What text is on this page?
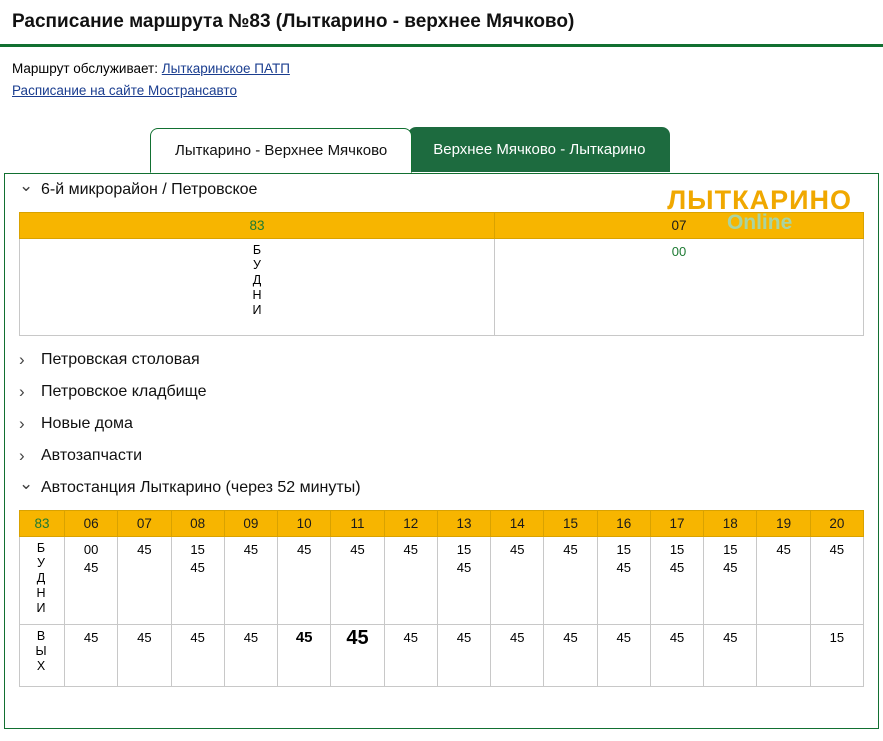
Расписание маршрута №83 (Лыткарино - верхнее Мячково)
Маршрут обслуживает: Лыткаринское ПАТП
Расписание на сайте Мострансавто
Лыткарино - Верхнее Мячково	Верхнее Мячково - Лыткарино
ЛЫТКАРИНО
Online
⌄
6-й микрорайон / Петровское
83	07

Б
У
Д
Н
И	00
›
Петровская столовая
›
Петровское кладбище
›
Новые дома
›
Автозапчасти
⌄
Автостанция Лыткарино (через 52 минуты)
83	06	07	08	09	10	11	12	13	14	15	16	17	18	19	20

Б
У
Д
Н
И	00
45	45	15
45	45	45	45	45	15
45	45	45	15
45	15
45	15
45	45	45

В
Ы
Х	45	45	45	45	45	45	45	45	45	45	45	45	45		15
